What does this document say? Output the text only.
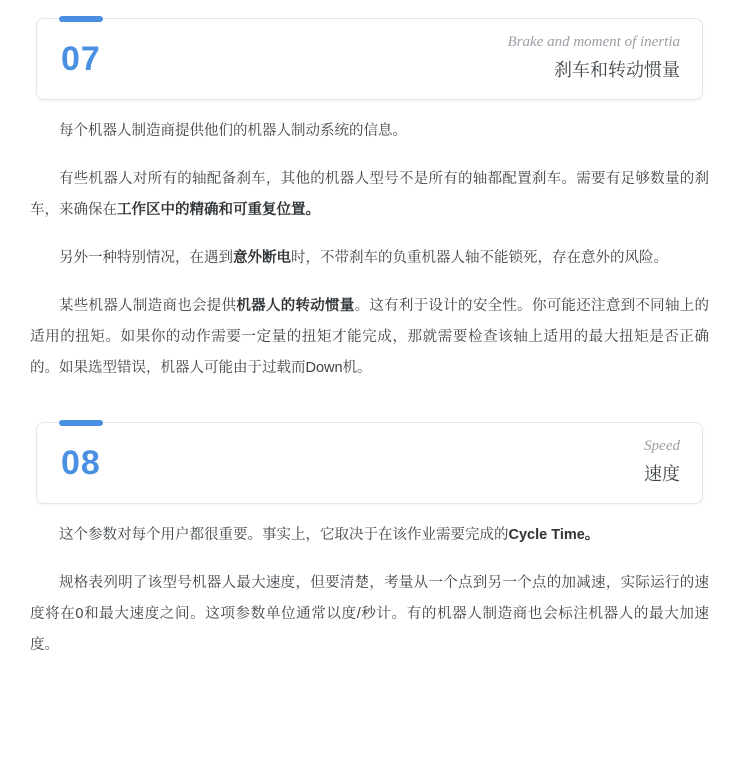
07	Brake and moment of inertia
刹车和转动惯量

每个机器人制造商提供他们的机器人制动系统的信息。

有些机器人对所有的轴配备刹车，其他的机器人型号不是所有的轴都配置刹车。需要有足够数量的刹车，来确保在工作区中的精确和可重复位置。

另外一种特别情况，在遇到意外断电时，不带刹车的负重机器人轴不能锁死，存在意外的风险。

某些机器人制造商也会提供机器人的转动惯量。这有利于设计的安全性。你可能还注意到不同轴上的适用的扭矩。如果你的动作需要一定量的扭矩才能完成，那就需要检查该轴上适用的最大扭矩是否正确的。如果选型错误，机器人可能由于过载而Down机。

08	Speed
速度

这个参数对每个用户都很重要。事实上，它取决于在该作业需要完成的Cycle Time。

规格表列明了该型号机器人最大速度，但要清楚，考量从一个点到另一个点的加减速，实际运行的速度将在0和最大速度之间。这项参数单位通常以度/秒计。有的机器人制造商也会标注机器人的最大加速度。
